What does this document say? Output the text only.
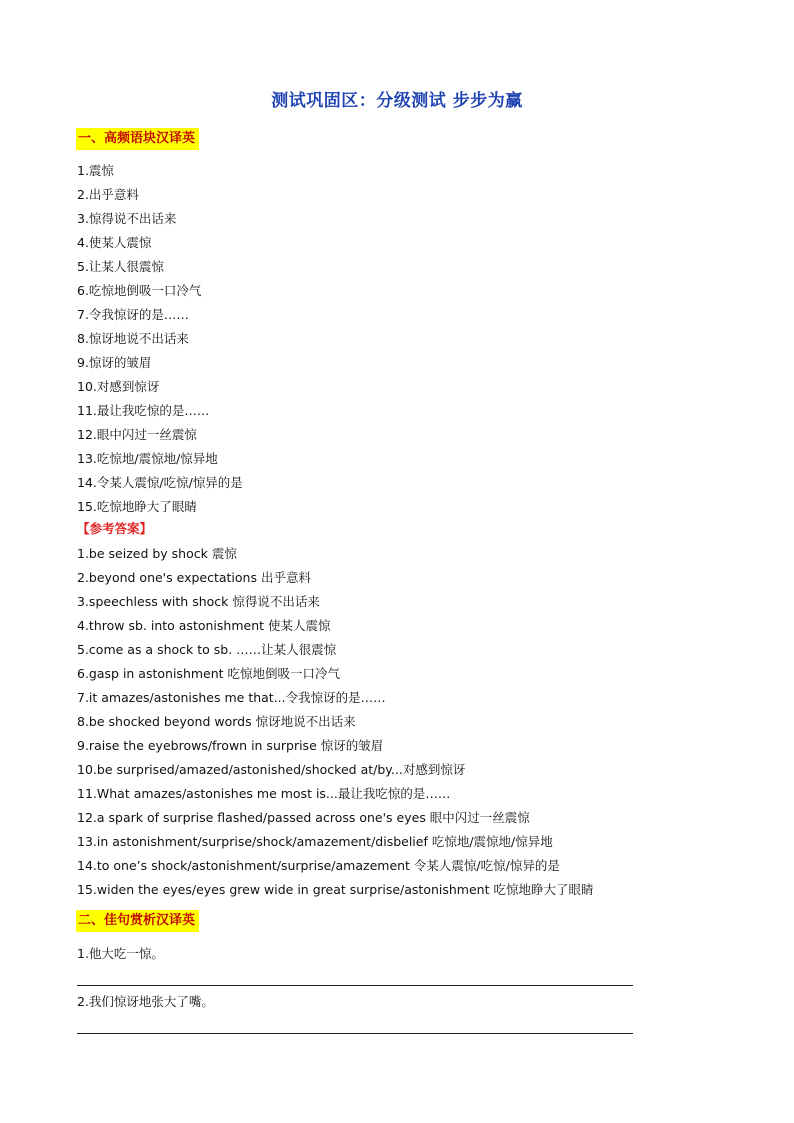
测试巩固区：分级测试 步步为赢
一、高频语块汉译英
1.震惊
2.出乎意料
3.惊得说不出话来
4.使某人震惊
5.让某人很震惊
6.吃惊地倒吸一口冷气
7.令我惊讶的是……
8.惊讶地说不出话来
9.惊讶的皱眉
10.对感到惊讶
11.最让我吃惊的是……
12.眼中闪过一丝震惊
13.吃惊地/震惊地/惊异地
14.令某人震惊/吃惊/惊异的是
15.吃惊地睁大了眼睛
【参考答案】
1.be seized by shock 震惊
2.beyond one's expectations 出乎意料
3.speechless with shock 惊得说不出话来
4.throw sb. into astonishment 使某人震惊
5.come as a shock to sb. ……让某人很震惊
6.gasp in astonishment 吃惊地倒吸一口冷气
7.it amazes/astonishes me that...令我惊讶的是……
8.be shocked beyond words 惊讶地说不出话来
9.raise the eyebrows/frown in surprise 惊讶的皱眉
10.be surprised/amazed/astonished/shocked at/by...对感到惊讶
11.What amazes/astonishes me most is...最让我吃惊的是……
12.a spark of surprise flashed/passed across one's eyes 眼中闪过一丝震惊
13.in astonishment/surprise/shock/amazement/disbelief 吃惊地/震惊地/惊异地
14.to one’s shock/astonishment/surprise/amazement 令某人震惊/吃惊/惊异的是
15.widen the eyes/eyes grew wide in great surprise/astonishment 吃惊地睁大了眼睛
二、佳句赏析汉译英
1.他大吃一惊。
2.我们惊讶地张大了嘴。
